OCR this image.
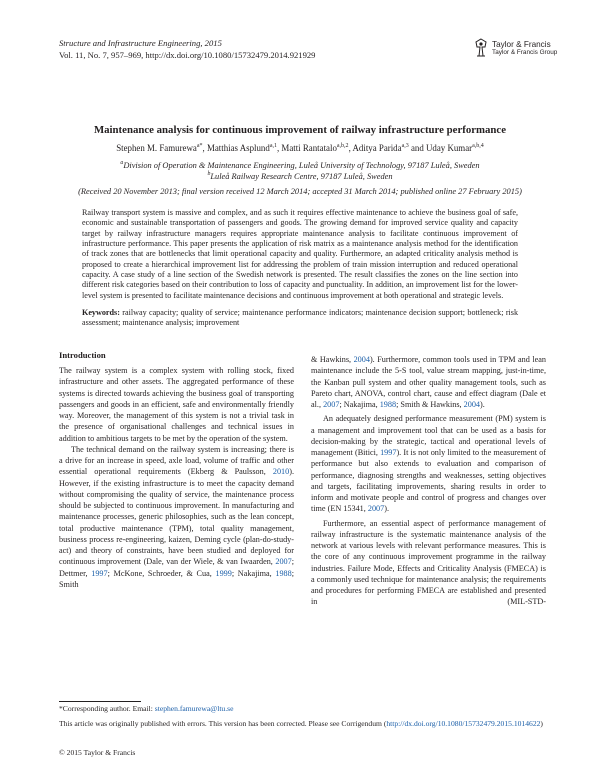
Structure and Infrastructure Engineering, 2015
Vol. 11, No. 7, 957–969, http://dx.doi.org/10.1080/15732479.2014.921929
Taylor & Francis
Taylor & Francis Group
Maintenance analysis for continuous improvement of railway infrastructure performance
Stephen M. Famurewa$^{a*}$, Matthias Asplund$^{a,1}$, Matti Rantatalo$^{a,b,2}$, Aditya Parida$^{a,3}$ and Uday Kumar$^{a,b,4}$
$^a$Division of Operation & Maintenance Engineering, Luleå University of Technology, 97187 Luleå, Sweden
$^b$Luleå Railway Research Centre, 97187 Luleå, Sweden
(Received 20 November 2013; final version received 12 March 2014; accepted 31 March 2014; published online 27 February 2015)

Railway transport system is massive and complex, and as such it requires effective maintenance to achieve the business goal of safe, economic and sustainable transportation of passengers and goods. The growing demand for improved service quality and capacity target by railway infrastructure managers requires appropriate maintenance analysis to facilitate continuous improvement of infrastructure performance. This paper presents the application of risk matrix as a maintenance analysis method for the identification of track zones that are bottlenecks that limit operational capacity and quality. Furthermore, an adapted criticality analysis method is proposed to create a hierarchical improvement list for addressing the problem of train mission interruption and reduced operational capacity. A case study of a line section of the Swedish network is presented. The result classifies the zones on the line section into different risk categories based on their contribution to loss of capacity and punctuality. In addition, an improvement list for the lower-level system is presented to facilitate maintenance decisions and continuous improvement at both operational and strategic levels.

Keywords: railway capacity; quality of service; maintenance performance indicators; maintenance decision support; bottleneck; risk assessment; maintenance analysis; improvement

Introduction

The railway system is a complex system with rolling stock, fixed infrastructure and other assets. The aggregated performance of these systems is directed towards achieving the business goal of transporting passengers and goods in an efficient, safe and environmentally friendly way. Moreover, the management of this system is not a trivial task in the presence of organisational challenges and technical issues in addition to ambitious targets to be met by the operation of the system.

The technical demand on the railway system is increasing; there is a drive for an increase in speed, axle load, volume of traffic and other essential operational requirements (Ekberg & Paulsson, 2010). However, if the existing infrastructure is to meet the capacity demand without compromising the quality of service, the maintenance process should be subjected to continuous improvement. In manufacturing and maintenance processes, generic philosophies, such as the lean concept, total productive maintenance (TPM), total quality management, business process re-engineering, kaizen, Deming cycle (plan-do-study-act) and theory of constraints, have been studied and deployed for continuous improvement (Dale, van der Wiele, & van Iwaarden, 2007; Dettmer, 1997; McKone, Schroeder, & Cua, 1999; Nakajima, 1988; Smith

& Hawkins, 2004). Furthermore, common tools used in TPM and lean maintenance include the 5-S tool, value stream mapping, just-in-time, the Kanban pull system and other quality management tools, such as Pareto chart, ANOVA, control chart, cause and effect diagram (Dale et al., 2007; Nakajima, 1988; Smith & Hawkins, 2004).

An adequately designed performance measurement (PM) system is a management and improvement tool that can be used as a basis for decision-making by the strategic, tactical and operational levels of management (Bitici, 1997). It is not only limited to the measurement of performance but also extends to evaluation and comparison of performance, diagnosing strengths and weaknesses, setting objectives and targets, facilitating improvements, sharing results in order to inform and motivate people and control of progress and changes over time (EN 15341, 2007).

Furthermore, an essential aspect of performance management of railway infrastructure is the systematic maintenance analysis of the network at various levels with relevant performance measures. This is the core of any continuous improvement programme in the railway industries. Failure Mode, Effects and Criticality Analysis (FMECA) is a commonly used technique for maintenance analysis; the requirements and procedures for performing FMECA are established and presented in (MIL-STD-

*Corresponding author. Email: stephen.famurewa@ltu.se
This article was originally published with errors. This version has been corrected. Please see Corrigendum (http://dx.doi.org/10.1080/15732479.2015.1014622)
© 2015 Taylor & Francis
